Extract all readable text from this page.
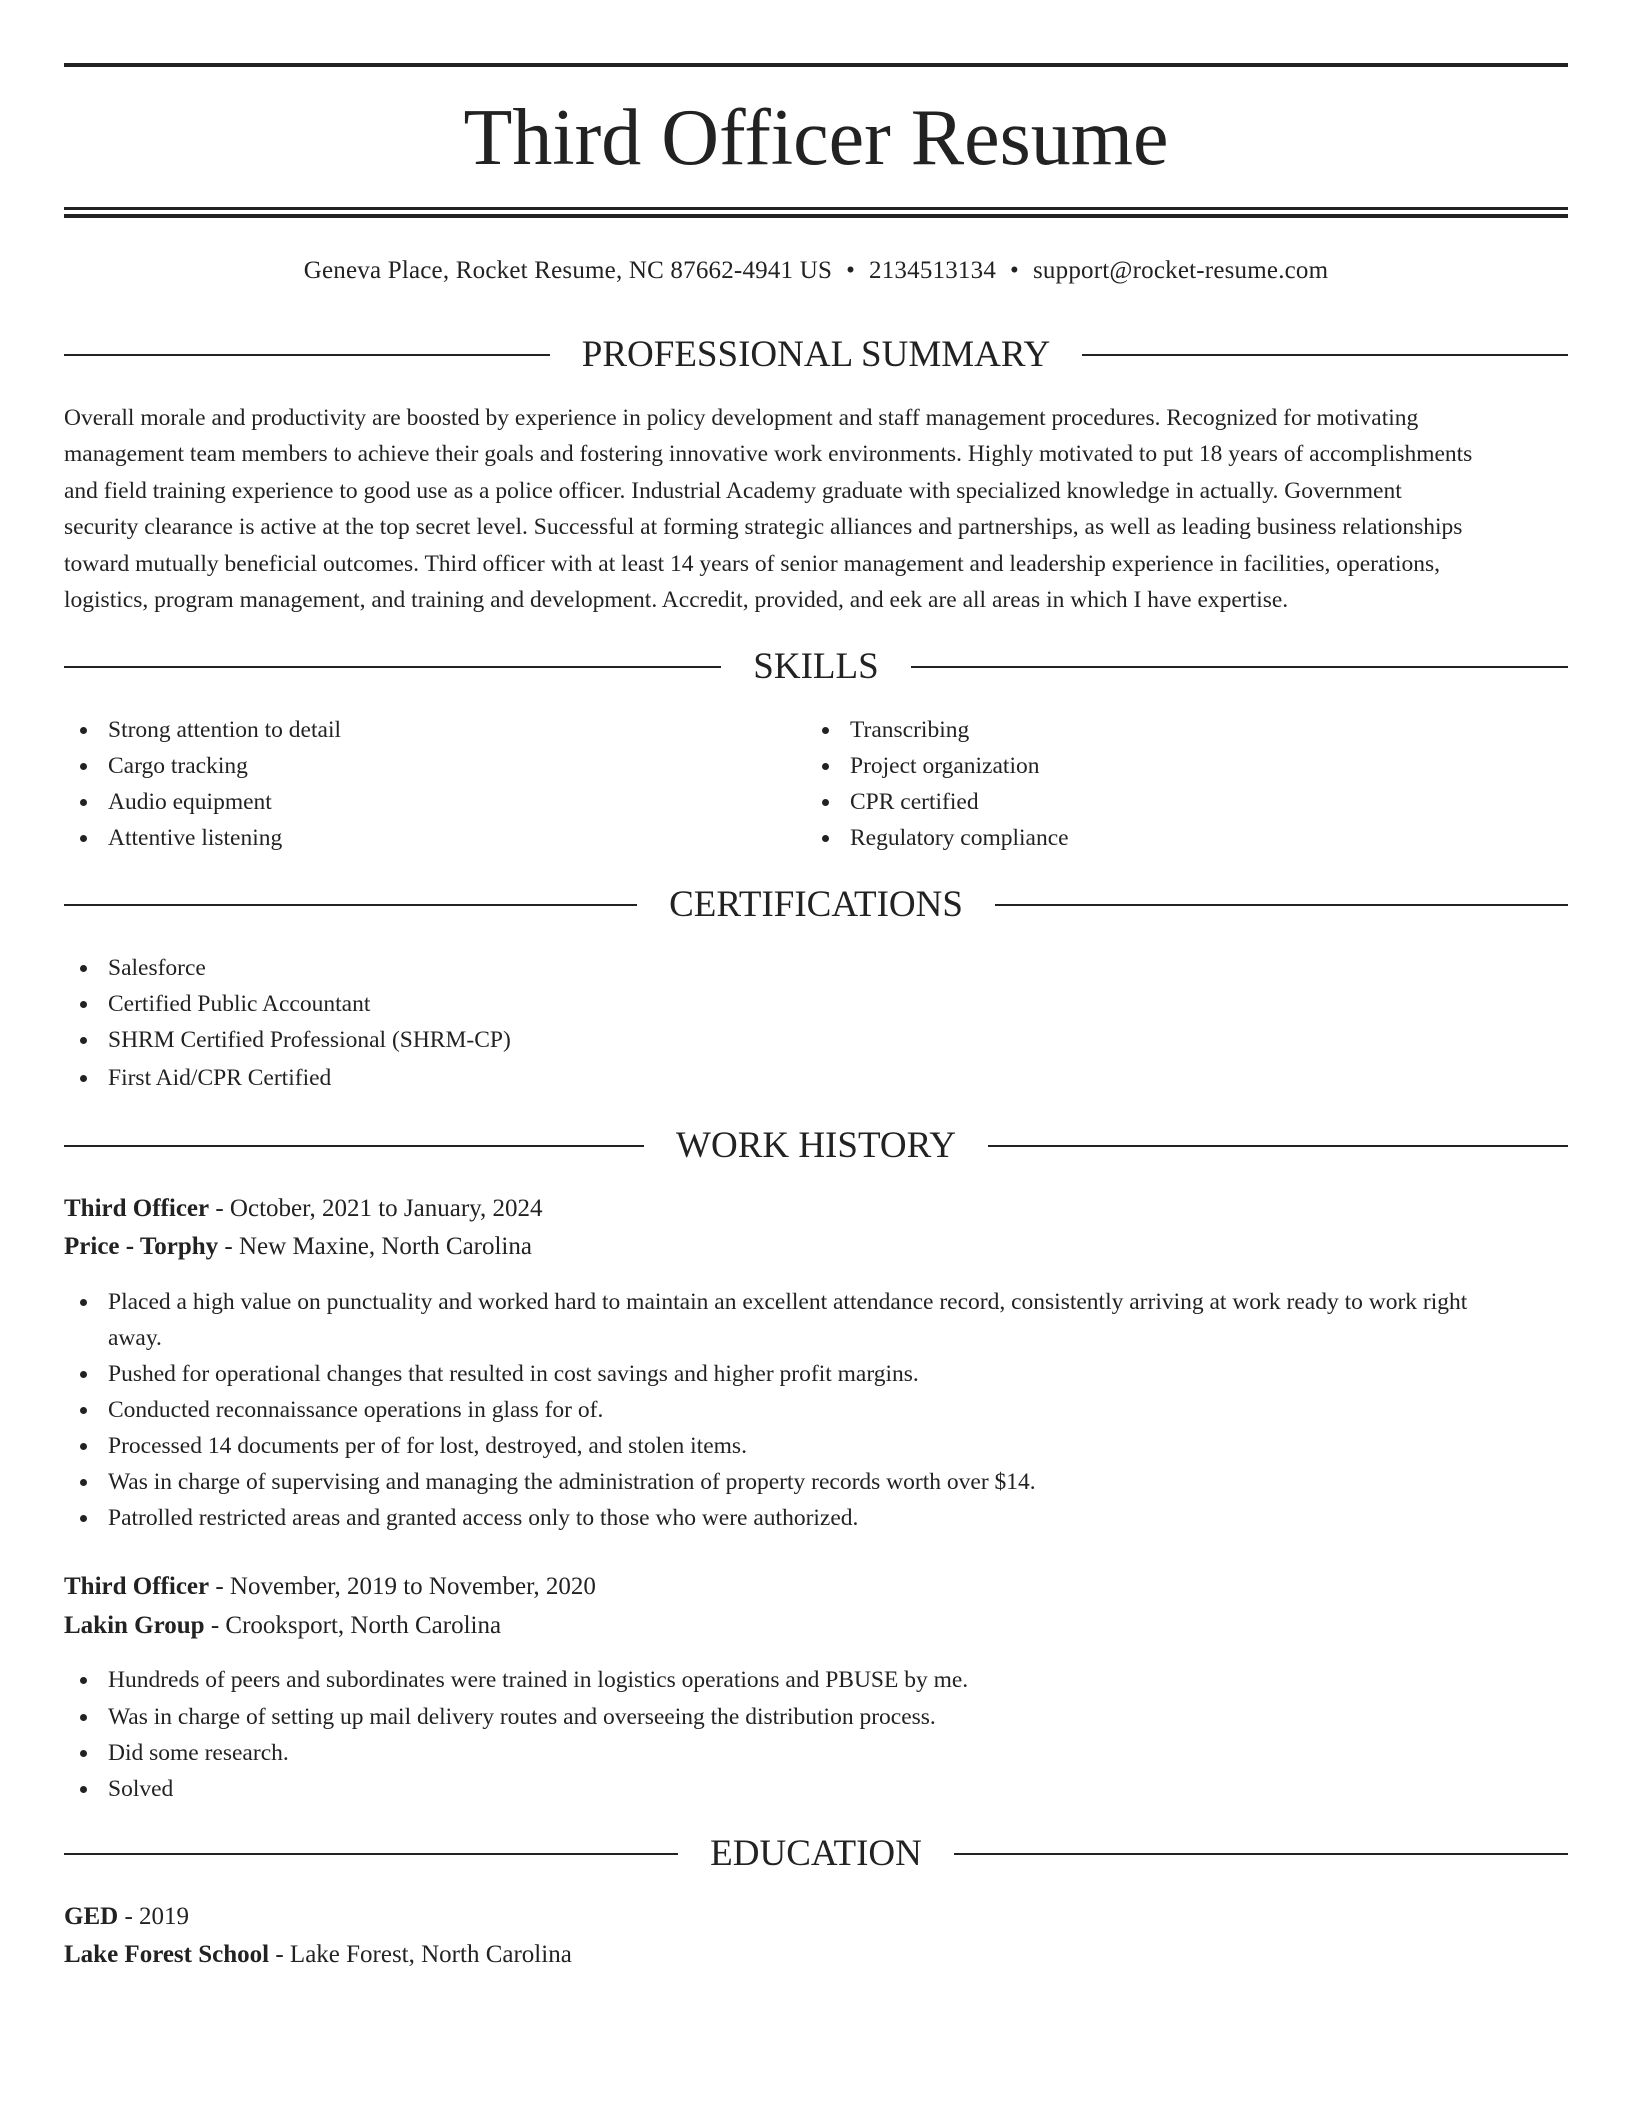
Third Officer Resume
Geneva Place, Rocket Resume, NC 87662-4941 US • 2134513134 • support@rocket-resume.com
PROFESSIONAL SUMMARY

Overall morale and productivity are boosted by experience in policy development and staff management procedures. Recognized for motivating
management team members to achieve their goals and fostering innovative work environments. Highly motivated to put 18 years of accomplishments
and field training experience to good use as a police officer. Industrial Academy graduate with specialized knowledge in actually. Government
security clearance is active at the top secret level. Successful at forming strategic alliances and partnerships, as well as leading business relationships
toward mutually beneficial outcomes. Third officer with at least 14 years of senior management and leadership experience in facilities, operations,
logistics, program management, and training and development. Accredit, provided, and eek are all areas in which I have expertise.

SKILLS
Strong attention to detail
Cargo tracking
Audio equipment
Attentive listening
Transcribing
Project organization
CPR certified
Regulatory compliance
CERTIFICATIONS
Salesforce
Certified Public Accountant
SHRM Certified Professional (SHRM-CP)
First Aid/CPR Certified
WORK HISTORY
Third Officer - October, 2021 to January, 2024
Price - Torphy - New Maxine, North Carolina
Placed a high value on punctuality and worked hard to maintain an excellent attendance record, consistently arriving at work ready to work right
away.
Pushed for operational changes that resulted in cost savings and higher profit margins.
Conducted reconnaissance operations in glass for of.
Processed 14 documents per of for lost, destroyed, and stolen items.
Was in charge of supervising and managing the administration of property records worth over $14.
Patrolled restricted areas and granted access only to those who were authorized.
Third Officer - November, 2019 to November, 2020
Lakin Group - Crooksport, North Carolina
Hundreds of peers and subordinates were trained in logistics operations and PBUSE by me.
Was in charge of setting up mail delivery routes and overseeing the distribution process.
Did some research.
Solved
EDUCATION
GED - 2019
Lake Forest School - Lake Forest, North Carolina
